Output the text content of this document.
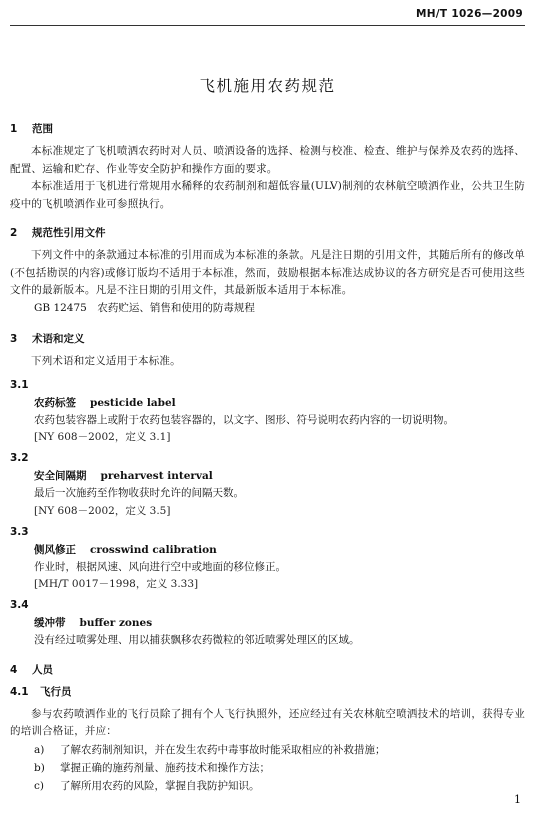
MH/T 1026—2009
飞机施用农药规范
1 范围

本标准规定了飞机喷洒农药时对人员、喷洒设备的选择、检测与校准、检查、维护与保养及农药的选择、配置、运输和贮存、作业等安全防护和操作方面的要求。

本标准适用于飞机进行常规用水稀释的农药制剂和超低容量(ULV)制剂的农林航空喷洒作业，公共卫生防疫中的飞机喷洒作业可参照执行。

2 规范性引用文件

下列文件中的条款通过本标准的引用而成为本标准的条款。凡是注日期的引用文件，其随后所有的修改单(不包括勘误的内容)或修订版均不适用于本标准，然而，鼓励根据本标准达成协议的各方研究是否可使用这些文件的最新版本。凡是不注日期的引用文件，其最新版本适用于本标准。

GB 12475　农药贮运、销售和使用的防毒规程
3 术语和定义

下列术语和定义适用于本标准。

3.1
农药标签 pesticide label
农药包装容器上或附于农药包装容器的，以文字、图形、符号说明农药内容的一切说明物。
[NY 608－2002，定义 3.1]
3.2
安全间隔期 preharvest interval
最后一次施药至作物收获时允许的间隔天数。
[NY 608－2002，定义 3.5]
3.3
侧风修正 crosswind calibration
作业时，根据风速、风向进行空中或地面的移位修正。
[MH/T 0017－1998，定义 3.33]
3.4
缓冲带 buffer zones
没有经过喷雾处理、用以捕获飘移农药微粒的邻近喷雾处理区的区域。
4 人员
4.1 飞行员

参与农药喷洒作业的飞行员除了拥有个人飞行执照外，还应经过有关农林航空喷洒技术的培训，获得专业的培训合格证，并应：

a) 了解农药制剂知识，并在发生农药中毒事故时能采取相应的补救措施；
b) 掌握正确的施药剂量、施药技术和操作方法；
c) 了解所用农药的风险，掌握自我防护知识。
1
